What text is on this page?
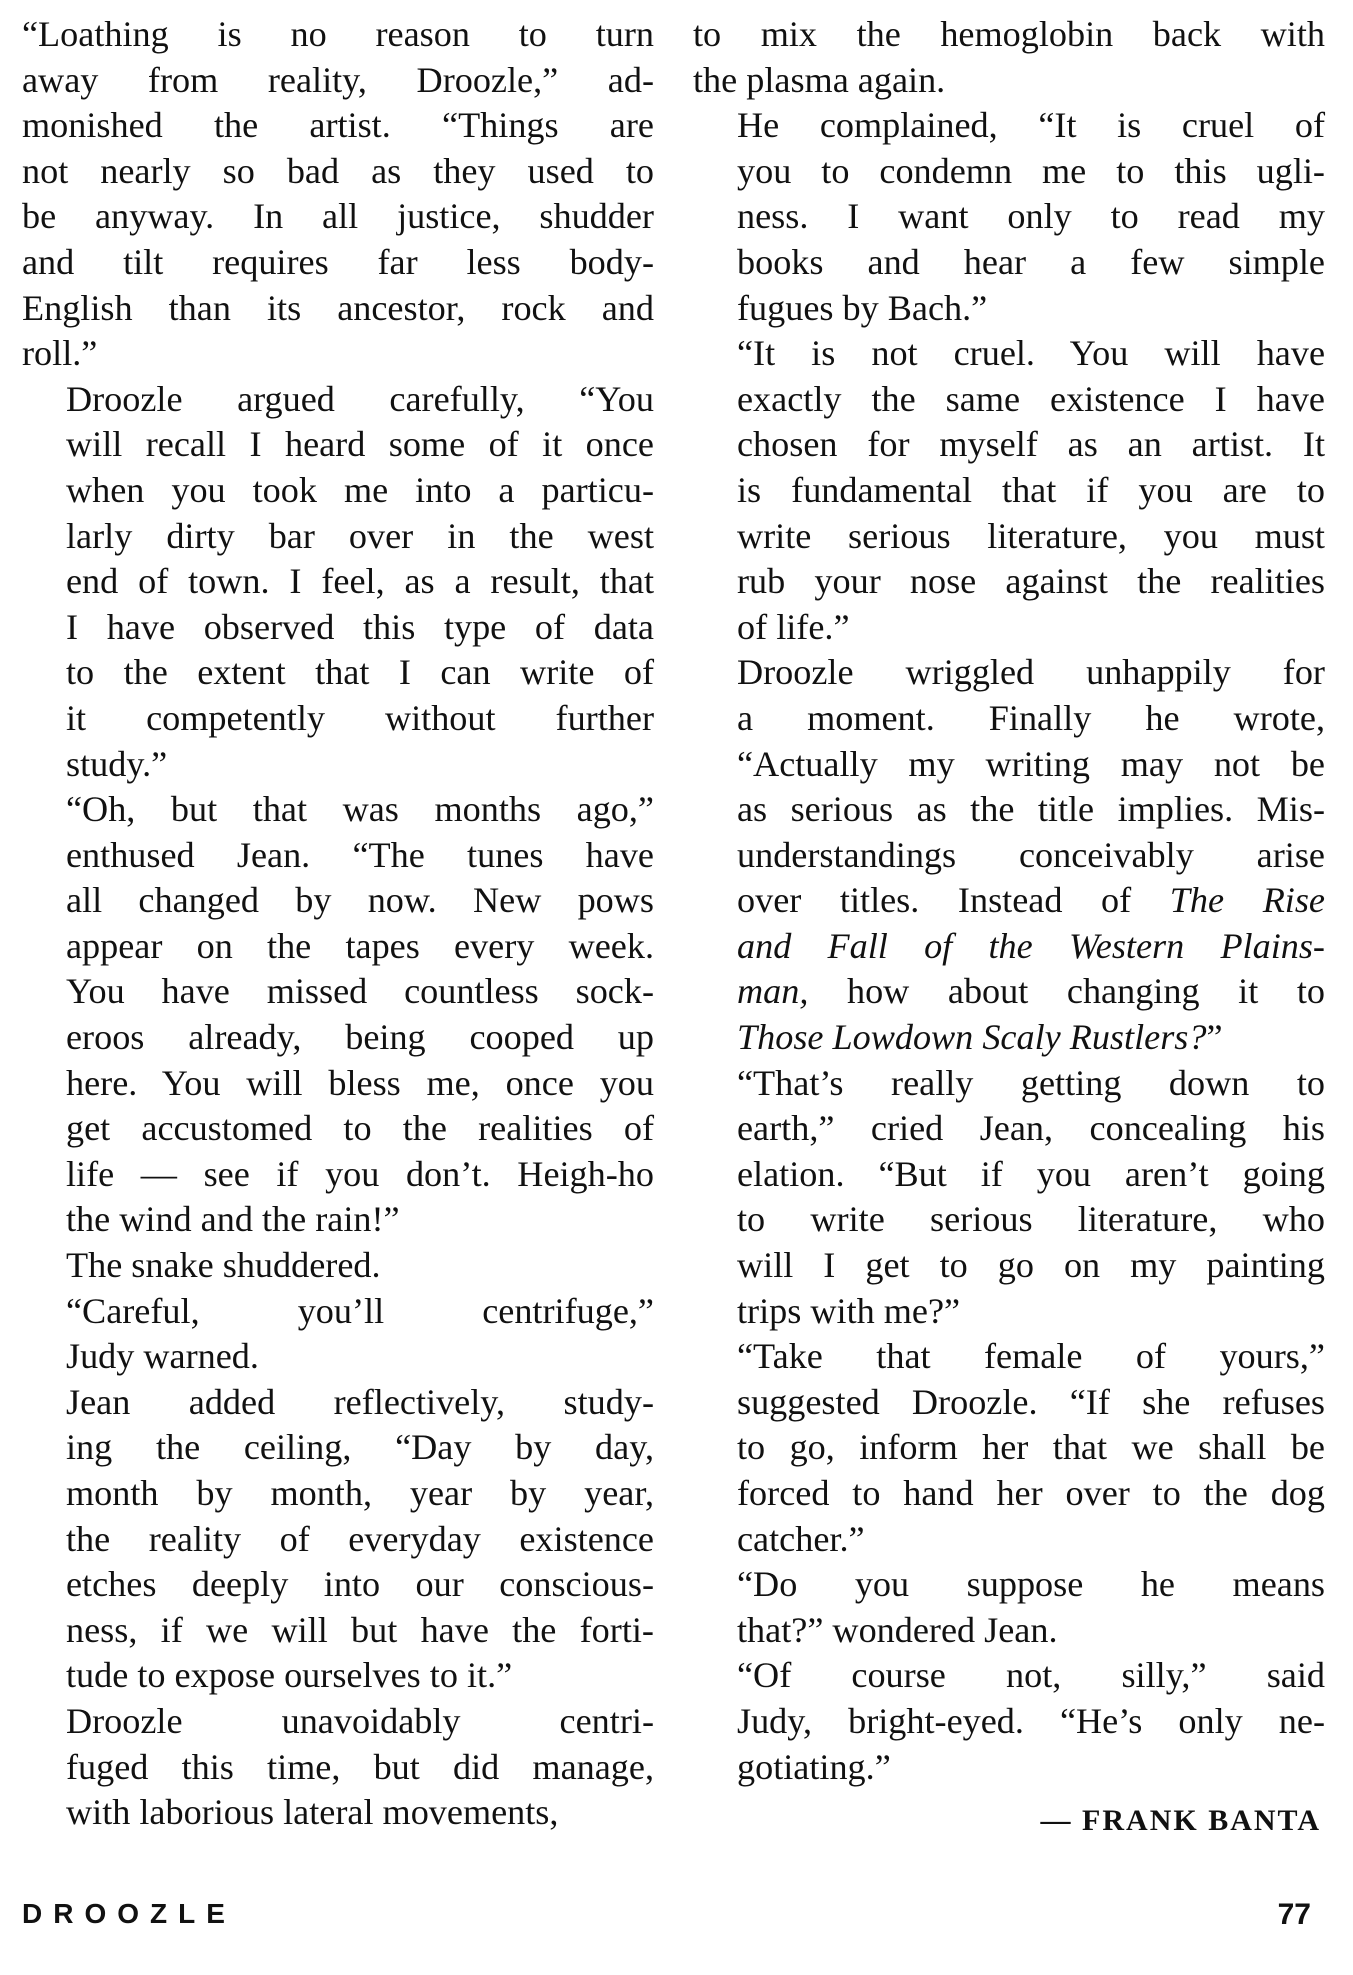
“Loathing is no reason to turn
away from reality, Droozle,” ad-
monished the artist. “Things are
not nearly so bad as they used to
be anyway. In all justice, shudder
and tilt requires far less body-
English than its ancestor, rock and
roll.”
Droozle argued carefully, “You
will recall I heard some of it once
when you took me into a particu-
larly dirty bar over in the west
end of town. I feel, as a result, that
I have observed this type of data
to the extent that I can write of
it competently without further
study.”
“Oh, but that was months ago,”
enthused Jean. “The tunes have
all changed by now. New pows
appear on the tapes every week.
You have missed countless sock-
eroos already, being cooped up
here. You will bless me, once you
get accustomed to the realities of
life — see if you don’t. Heigh-ho
the wind and the rain!”
The snake shuddered.
“Careful, you’ll centrifuge,”
Judy warned.
Jean added reflectively, study-
ing the ceiling, “Day by day,
month by month, year by year,
the reality of everyday existence
etches deeply into our conscious-
ness, if we will but have the forti-
tude to expose ourselves to it.”
Droozle unavoidably centri-
fuged this time, but did manage,
with laborious lateral movements,
to mix the hemoglobin back with
the plasma again.
He complained, “It is cruel of
you to condemn me to this ugli-
ness. I want only to read my
books and hear a few simple
fugues by Bach.”
“It is not cruel. You will have
exactly the same existence I have
chosen for myself as an artist. It
is fundamental that if you are to
write serious literature, you must
rub your nose against the realities
of life.”
Droozle wriggled unhappily for
a moment. Finally he wrote,
“Actually my writing may not be
as serious as the title implies. Mis-
understandings conceivably arise
over titles. Instead of The Rise
and Fall of the Western Plains-
man, how about changing it to
Those Lowdown Scaly Rustlers?”
“That’s really getting down to
earth,” cried Jean, concealing his
elation. “But if you aren’t going
to write serious literature, who
will I get to go on my painting
trips with me?”
“Take that female of yours,”
suggested Droozle. “If she refuses
to go, inform her that we shall be
forced to hand her over to the dog
catcher.”
“Do you suppose he means
that?” wondered Jean.
“Of course not, silly,” said
Judy, bright-eyed. “He’s only ne-
gotiating.”
— FRANK BANTA
DROOZLE	77
